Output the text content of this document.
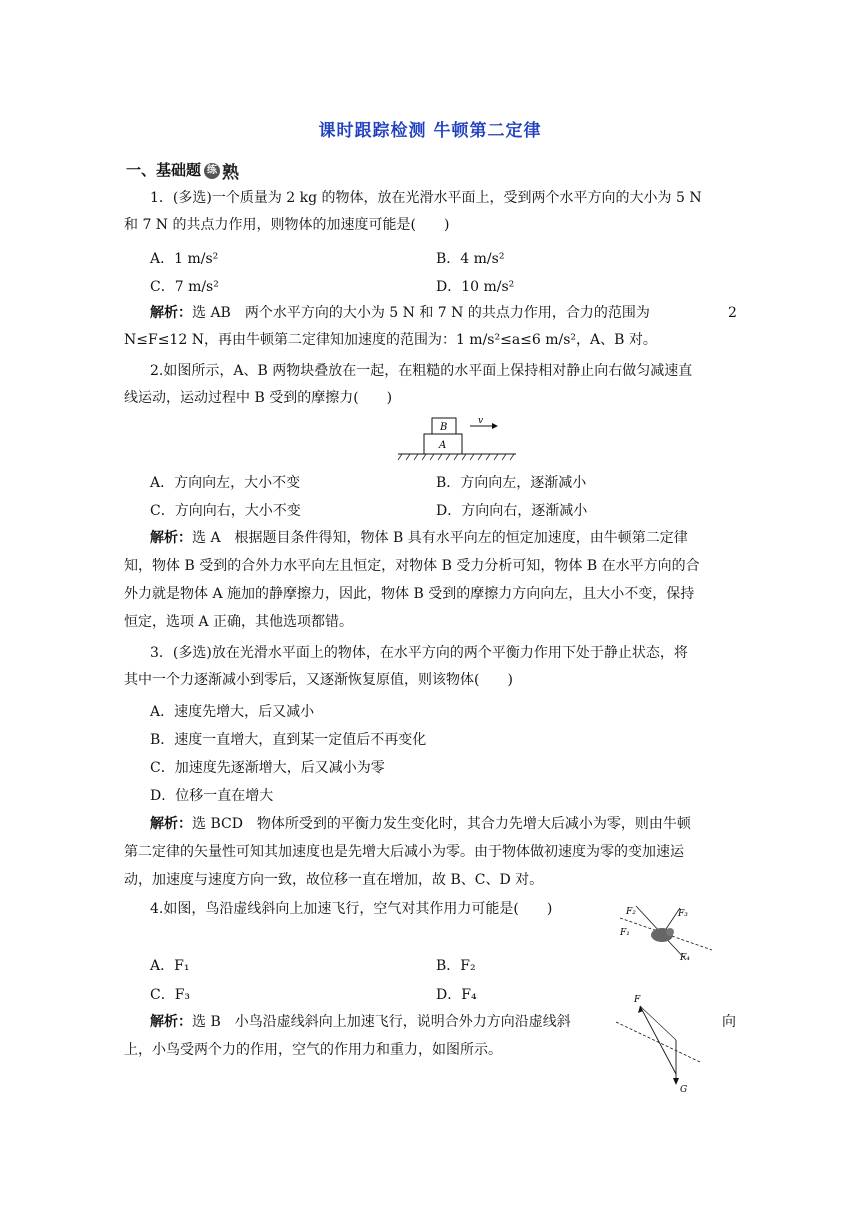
课时跟踪检测 牛顿第二定律
一、基础题 练 熟
1．(多选)一个质量为 2 kg 的物体，放在光滑水平面上，受到两个水平方向的大小为 5 N
和 7 N 的共点力作用，则物体的加速度可能是(　　)
A．1 m/s²	B．4 m/s²
C．7 m/s²	D．10 m/s²
解析：选 AB　两个水平方向的大小为 5 N 和 7 N 的共点力作用，合力的范围为	2
N≤F≤12 N，再由牛顿第二定律知加速度的范围为：1 m/s²≤a≤6 m/s²，A、B 对。
2.如图所示，A、B 两物块叠放在一起，在粗糙的水平面上保持相对静止向右做匀减速直
线运动，运动过程中 B 受到的摩擦力(　　)
B
A
v
A．方向向左，大小不变	B．方向向左，逐渐减小
C．方向向右，大小不变	D．方向向右，逐渐减小
解析：选 A　根据题目条件得知，物体 B 具有水平向左的恒定加速度，由牛顿第二定律
知，物体 B 受到的合外力水平向左且恒定，对物体 B 受力分析可知，物体 B 在水平方向的合
外力就是物体 A 施加的静摩擦力，因此，物体 B 受到的摩擦力方向向左，且大小不变，保持
恒定，选项 A 正确，其他选项都错。
3．(多选)放在光滑水平面上的物体，在水平方向的两个平衡力作用下处于静止状态，将
其中一个力逐渐减小到零后，又逐渐恢复原值，则该物体(　　)
A．速度先增大，后又减小
B．速度一直增大，直到某一定值后不再变化
C．加速度先逐渐增大，后又减小为零
D．位移一直在增大
解析：选 BCD　物体所受到的平衡力发生变化时，其合力先增大后减小为零，则由牛顿
第二定律的矢量性可知其加速度也是先增大后减小为零。由于物体做初速度为零的变加速运
动，加速度与速度方向一致，故位移一直在增加，故 B、C、D 对。
4.如图，鸟沿虚线斜向上加速飞行，空气对其作用力可能是(　　)	F₂	F₃
F₁
F₄
A．F₁	B．F₂
C．F₃	D．F₄
解析：选 B　小鸟沿虚线斜向上加速飞行，说明合外力方向沿虚线斜	向
上，小鸟受两个力的作用，空气的作用力和重力，如图所示。
F
G
